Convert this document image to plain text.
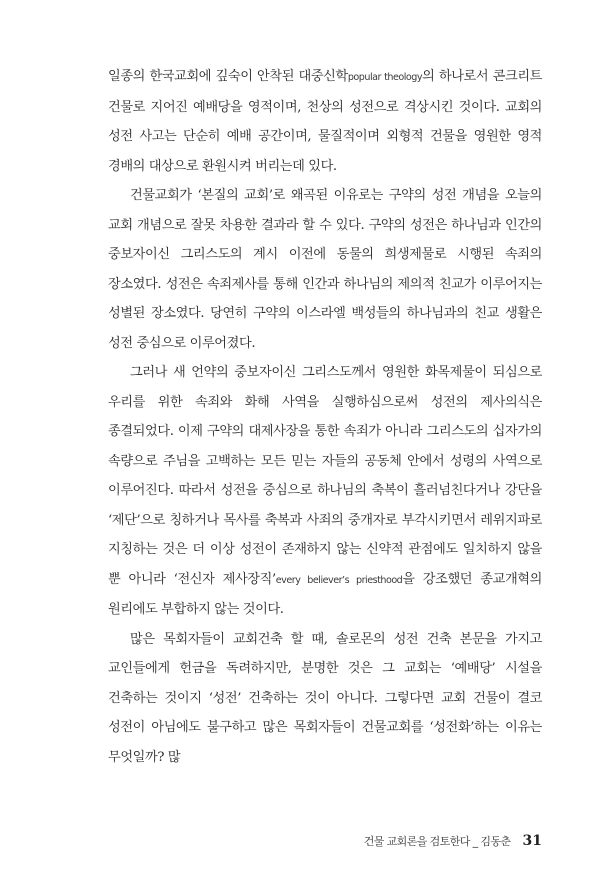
일종의 한국교회에 깊숙이 안착된 대중신학popular theology의 하나로서 콘크리트 건물로 지어진 예배당을 영적이며, 천상의 성전으로 격상시킨 것이다. 교회의 성전 사고는 단순히 예배 공간이며, 물질적이며 외형적 건물을 영원한 영적 경배의 대상으로 환원시켜 버리는데 있다.

건물교회가 ‘본질의 교회’로 왜곡된 이유로는 구약의 성전 개념을 오늘의 교회 개념으로 잘못 차용한 결과라 할 수 있다. 구약의 성전은 하나님과 인간의 중보자이신 그리스도의 계시 이전에 동물의 희생제물로 시행된 속죄의 장소였다. 성전은 속죄제사를 통해 인간과 하나님의 제의적 친교가 이루어지는 성별된 장소였다. 당연히 구약의 이스라엘 백성들의 하나님과의 친교 생활은 성전 중심으로 이루어졌다.

그러나 새 언약의 중보자이신 그리스도께서 영원한 화목제물이 되심으로 우리를 위한 속죄와 화해 사역을 실행하심으로써 성전의 제사의식은 종결되었다. 이제 구약의 대제사장을 통한 속죄가 아니라 그리스도의 십자가의 속량으로 주님을 고백하는 모든 믿는 자들의 공동체 안에서 성령의 사역으로 이루어진다. 따라서 성전을 중심으로 하나님의 축복이 흘러넘친다거나 강단을 ‘제단’으로 칭하거나 목사를 축복과 사죄의 중개자로 부각시키면서 레위지파로 지칭하는 것은 더 이상 성전이 존재하지 않는 신약적 관점에도 일치하지 않을 뿐 아니라 ‘전신자 제사장직’every believer’s priesthood을 강조했던 종교개혁의 원리에도 부합하지 않는 것이다.

많은 목회자들이 교회건축 할 때, 솔로몬의 성전 건축 본문을 가지고 교인들에게 헌금을 독려하지만, 분명한 것은 그 교회는 ‘예배당’ 시설을 건축하는 것이지 ‘성전’ 건축하는 것이 아니다. 그렇다면 교회 건물이 결코 성전이 아님에도 불구하고 많은 목회자들이 건물교회를 ‘성전화’하는 이유는 무엇일까? 많

건물 교회론을 검토한다 _ 김동춘 31
